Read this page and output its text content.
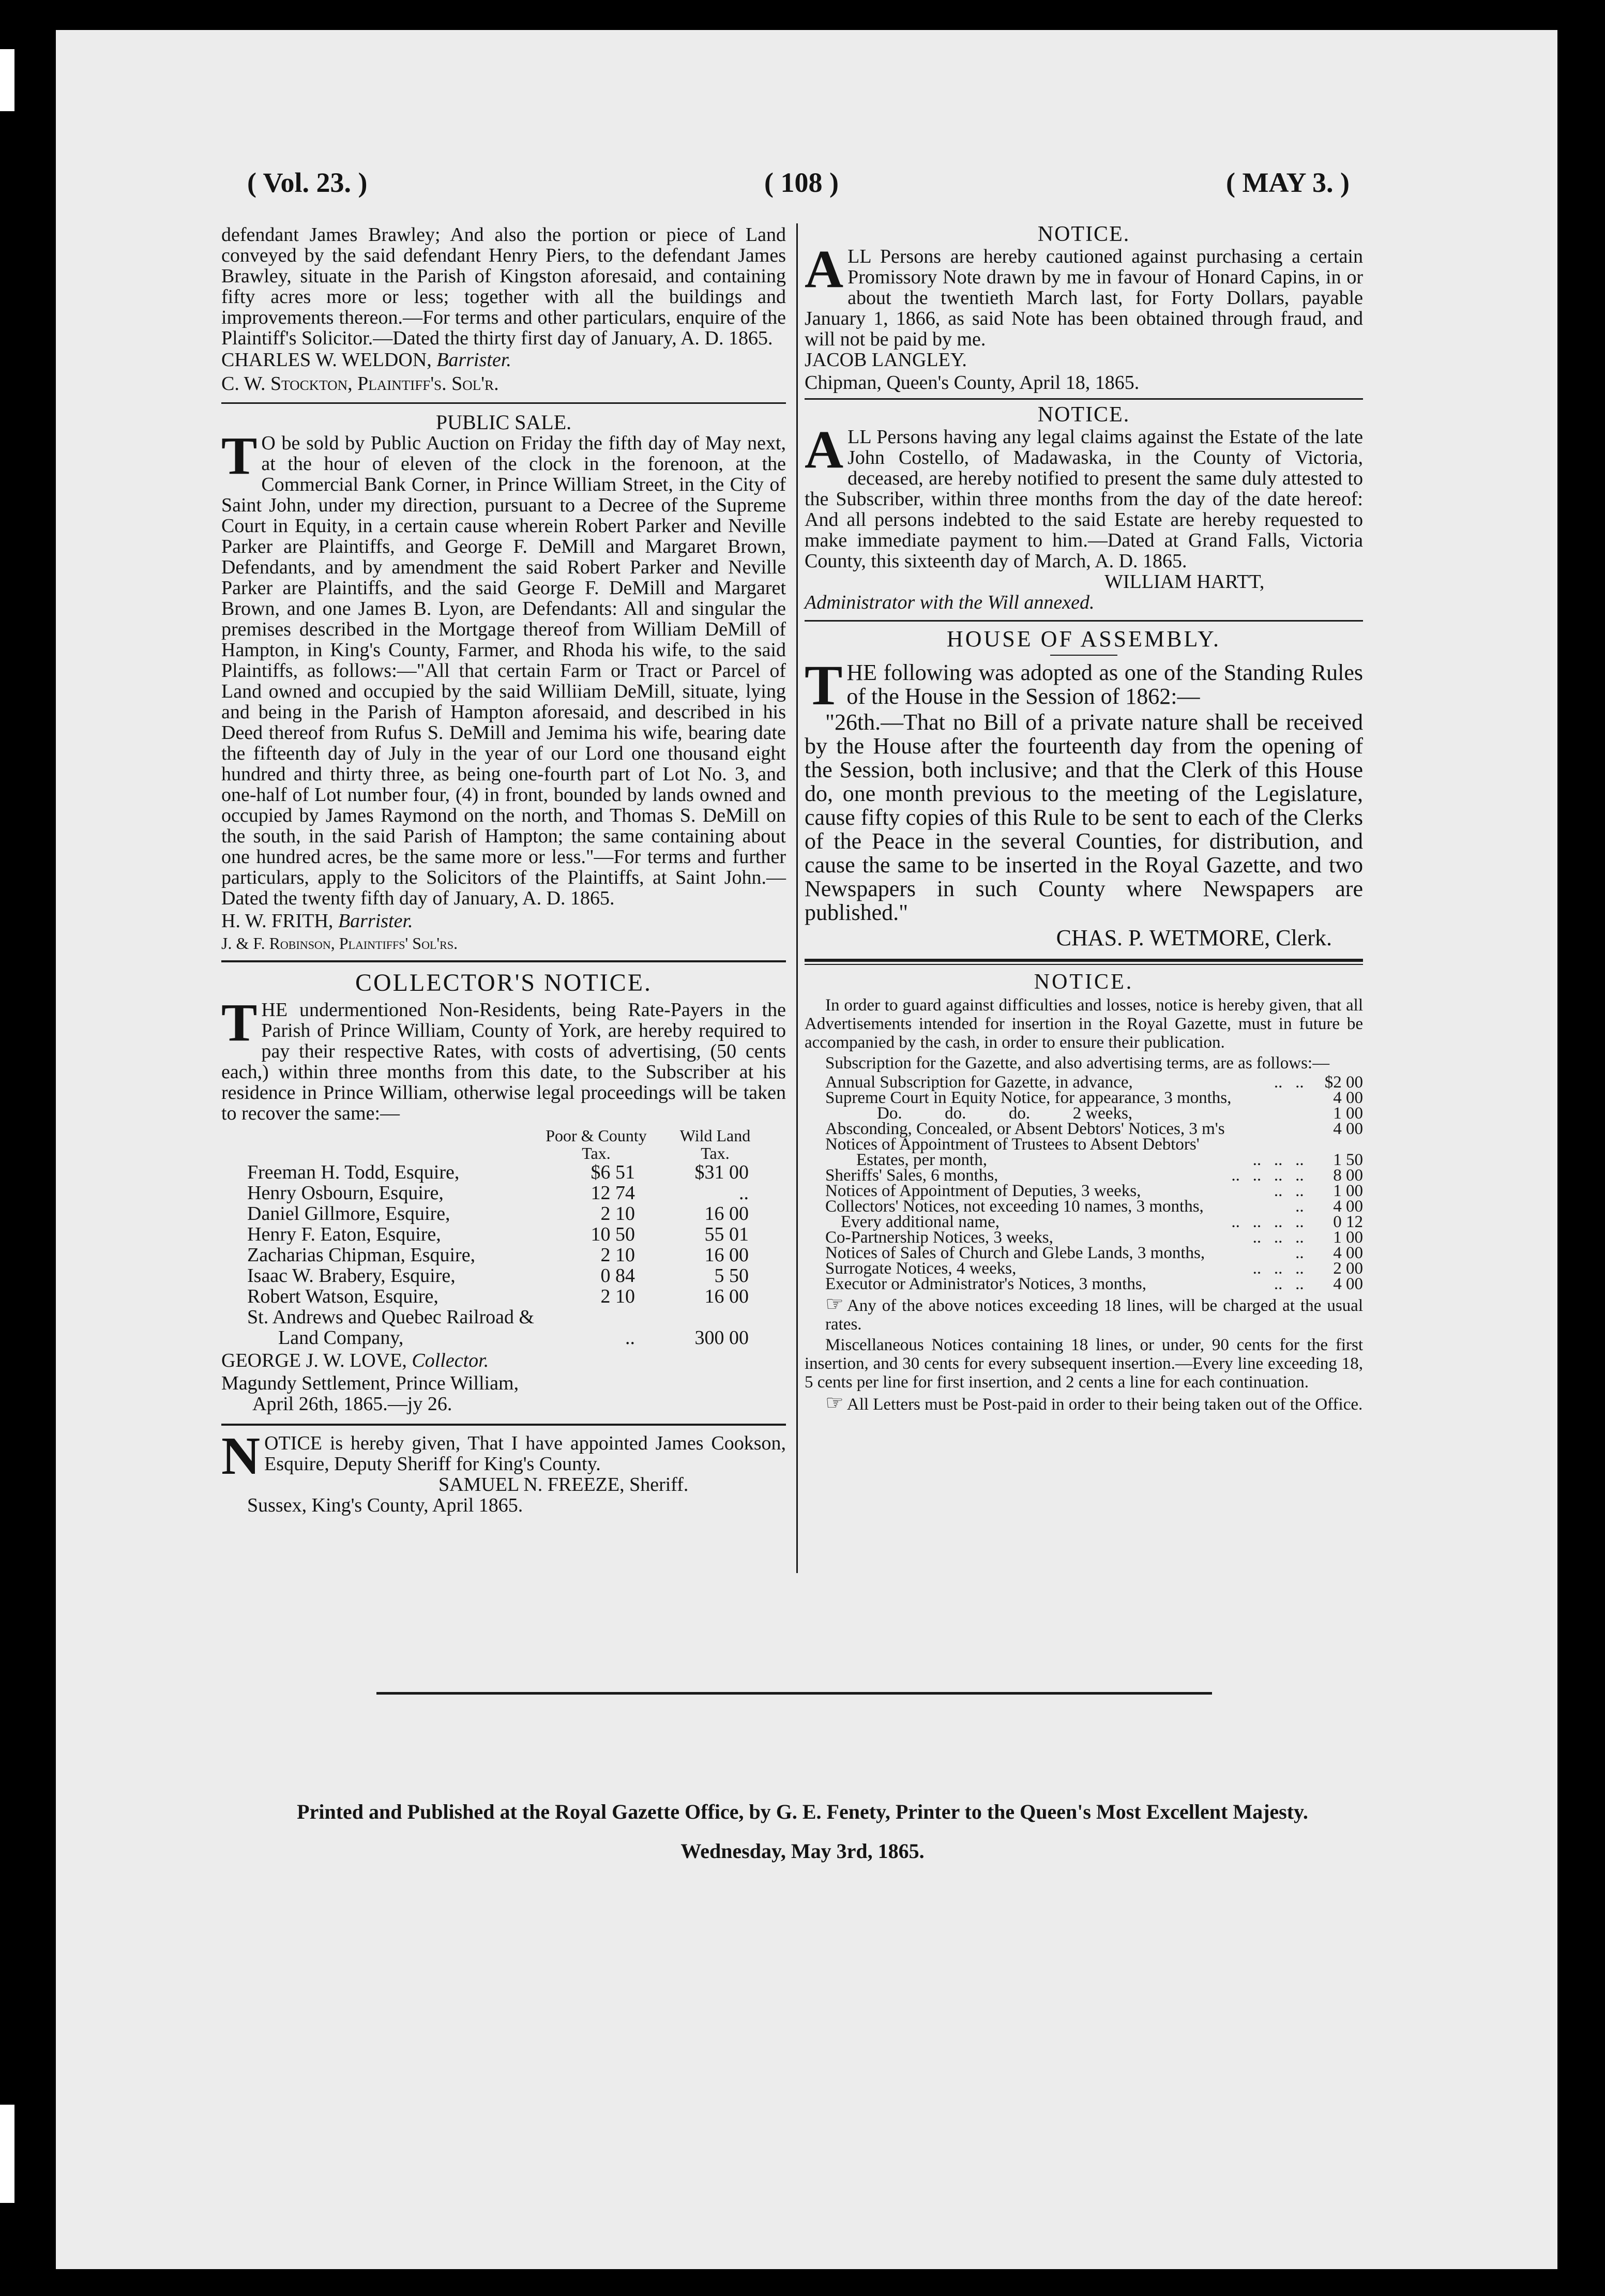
( Vol. 23. )	( 108 )	( MAY 3. )

defendant James Brawley; And also the portion or piece of Land conveyed by the said defendant Henry Piers, to the defendant James Brawley, situate in the Parish of Kingston aforesaid, and containing fifty acres more or less; together with all the buildings and improvements thereon.—For terms and other particulars, enquire of the Plaintiff's Solicitor.—Dated the thirty first day of January, A. D. 1865.

CHARLES W. WELDON, Barrister.

C. W. Stockton, Plaintiff's. Sol'r.

PUBLIC SALE.

T O be sold by Public Auction on Friday the fifth day of May next, at the hour of eleven of the clock in the forenoon, at the Commercial Bank Corner, in Prince William Street, in the City of Saint John, under my direction, pursuant to a Decree of the Supreme Court in Equity, in a certain cause wherein Robert Parker and Neville Parker are Plaintiffs, and George F. DeMill and Margaret Brown, Defendants, and by amendment the said Robert Parker and Neville Parker are Plaintiffs, and the said George F. DeMill and Margaret Brown, and one James B. Lyon, are Defendants: All and singular the premises described in the Mortgage thereof from William DeMill of Hampton, in King's County, Farmer, and Rhoda his wife, to the said Plaintiffs, as follows:—"All that certain Farm or Tract or Parcel of Land owned and occupied by the said Williiam DeMill, situate, lying and being in the Parish of Hampton aforesaid, and described in his Deed thereof from Rufus S. DeMill and Jemima his wife, bearing date the fifteenth day of July in the year of our Lord one thousand eight hundred and thirty three, as being one-fourth part of Lot No. 3, and one-half of Lot number four, (4) in front, bounded by lands owned and occupied by James Raymond on the north, and Thomas S. DeMill on the south, in the said Parish of Hampton; the same containing about one hundred acres, be the same more or less."—For terms and further particulars, apply to the Solicitors of the Plaintiffs, at Saint John.—Dated the twenty fifth day of January, A. D. 1865.

H. W. FRITH, Barrister.

J. & F. Robinson, Plaintiffs' Sol'rs.

COLLECTOR'S NOTICE.

THE undermentioned Non-Residents, being Rate-Payers in the Parish of Prince William, County of York, are hereby required to pay their respective Rates, with costs of advertising, (50 cents each,) within three months from this date, to the Subscriber at his residence in Prince William, otherwise legal proceedings will be taken to recover the same:—

	Poor & County Tax.	Wild Land Tax.
Freeman H. Todd, Esquire,	$6 51	$31 00
Henry Osbourn, Esquire,	12 74	..
Daniel Gillmore, Esquire,	2 10	16 00
Henry F. Eaton, Esquire,	10 50	55 01
Zacharias Chipman, Esquire,	2 10	16 00
Isaac W. Brabery, Esquire,	0 84	5 50
Robert Watson, Esquire,	2 10	16 00
St. Andrews and Quebec Railroad &		
Land Company,	..	300 00

GEORGE J. W. LOVE, Collector.

Magundy Settlement, Prince William,

April 26th, 1865.—jy 26.

NOTICE is hereby given, That I have appointed James Cookson, Esquire, Deputy Sheriff for King's County.

SAMUEL N. FREEZE, Sheriff.

Sussex, King's County, April 1865.

NOTICE.

ALL Persons are hereby cautioned against purchasing a certain Promissory Note drawn by me in favour of Honard Capins, in or about the twentieth March last, for Forty Dollars, payable January 1, 1866, as said Note has been obtained through fraud, and will not be paid by me.

JACOB LANGLEY.

Chipman, Queen's County, April 18, 1865.

NOTICE.

ALL Persons having any legal claims against the Estate of the late John Costello, of Madawaska, in the County of Victoria, deceased, are hereby notified to present the same duly attested to the Subscriber, within three months from the day of the date hereof: And all persons indebted to the said Estate are hereby requested to make immediate payment to him.—Dated at Grand Falls, Victoria County, this sixteenth day of March, A. D. 1865.

WILLIAM HARTT,

Administrator with the Will annexed.

HOUSE OF ASSEMBLY.

THE following was adopted as one of the Standing Rules of the House in the Session of 1862:—

"26th.—That no Bill of a private nature shall be received by the House after the fourteenth day from the opening of the Session, both inclusive; and that the Clerk of this House do, one month previous to the meeting of the Legislature, cause fifty copies of this Rule to be sent to each of the Clerks of the Peace in the several Counties, for distribution, and cause the same to be inserted in the Royal Gazette, and two Newspapers in such County where Newspapers are published."

CHAS. P. WETMORE, Clerk.

NOTICE.

In order to guard against difficulties and losses, notice is hereby given, that all Advertisements intended for insertion in the Royal Gazette, must in future be accompanied by the cash, in order to ensure their publication.

Subscription for the Gazette, and also advertising terms, are as follows:—

Annual Subscription for Gazette, in advance,	..   ..	$2 00
Supreme Court in Equity Notice, for appearance, 3 months,		4 00
Do.          do.          do.          2 weeks,		1 00
Absconding, Concealed, or Absent Debtors' Notices, 3 m's		4 00
Notices of Appointment of Trustees to Absent Debtors'		
Estates, per month,	..   ..   ..	1 50
Sheriffs' Sales, 6 months,	..   ..   ..   ..	8 00
Notices of Appointment of Deputies, 3 weeks,	..   ..	1 00
Collectors' Notices, not exceeding 10 names, 3 months,	..	4 00
Every additional name,	..   ..   ..   ..	0 12
Co-Partnership Notices, 3 weeks,	..   ..   ..	1 00
Notices of Sales of Church and Glebe Lands, 3 months,	..	4 00
Surrogate Notices, 4 weeks,	..   ..   ..	2 00
Executor or Administrator's Notices, 3 months,	..   ..	4 00

☞ Any of the above notices exceeding 18 lines, will be charged at the usual rates.

Miscellaneous Notices containing 18 lines, or under, 90 cents for the first insertion, and 30 cents for every subsequent insertion.—Every line exceeding 18, 5 cents per line for first insertion, and 2 cents a line for each continuation.

☞ All Letters must be Post-paid in order to their being taken out of the Office.

Printed and Published at the Royal Gazette Office, by G. E. Fenety, Printer to the Queen's Most Excellent Majesty.
Wednesday, May 3rd, 1865.
